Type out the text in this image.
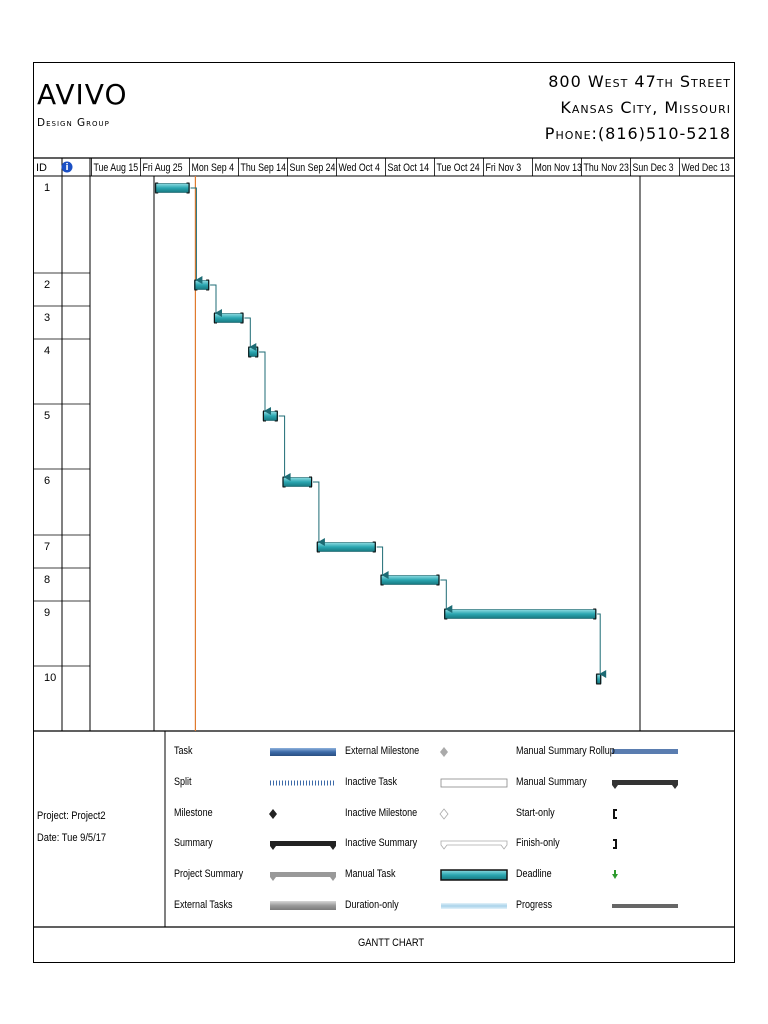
AVIVO
Design Group
800 West 47th Street
Kansas City, Missouri
Phone:(816)510-5218
ID	Tue Aug 15 Fri Aug 25 Mon Sep 4 Thu Sep 14 Sun Sep 24 Wed Oct 4 Sat Oct 14 Tue Oct 24 Fri Nov 3 Mon Nov 13 Thu Nov 23 Sun Dec 3 Wed Dec 13
1
2
3
4
5
6
7
8
9
10
i
Project: Project2
Date: Tue 9/5/17
GANTT CHART
Task
Split
Milestone
Summary
Project Summary
External Tasks
External Milestone
Inactive Task
Inactive Milestone
Inactive Summary
Manual Task
Duration-only
Manual Summary Rollup
Manual Summary
Start-only
Finish-only
Deadline
Progress
